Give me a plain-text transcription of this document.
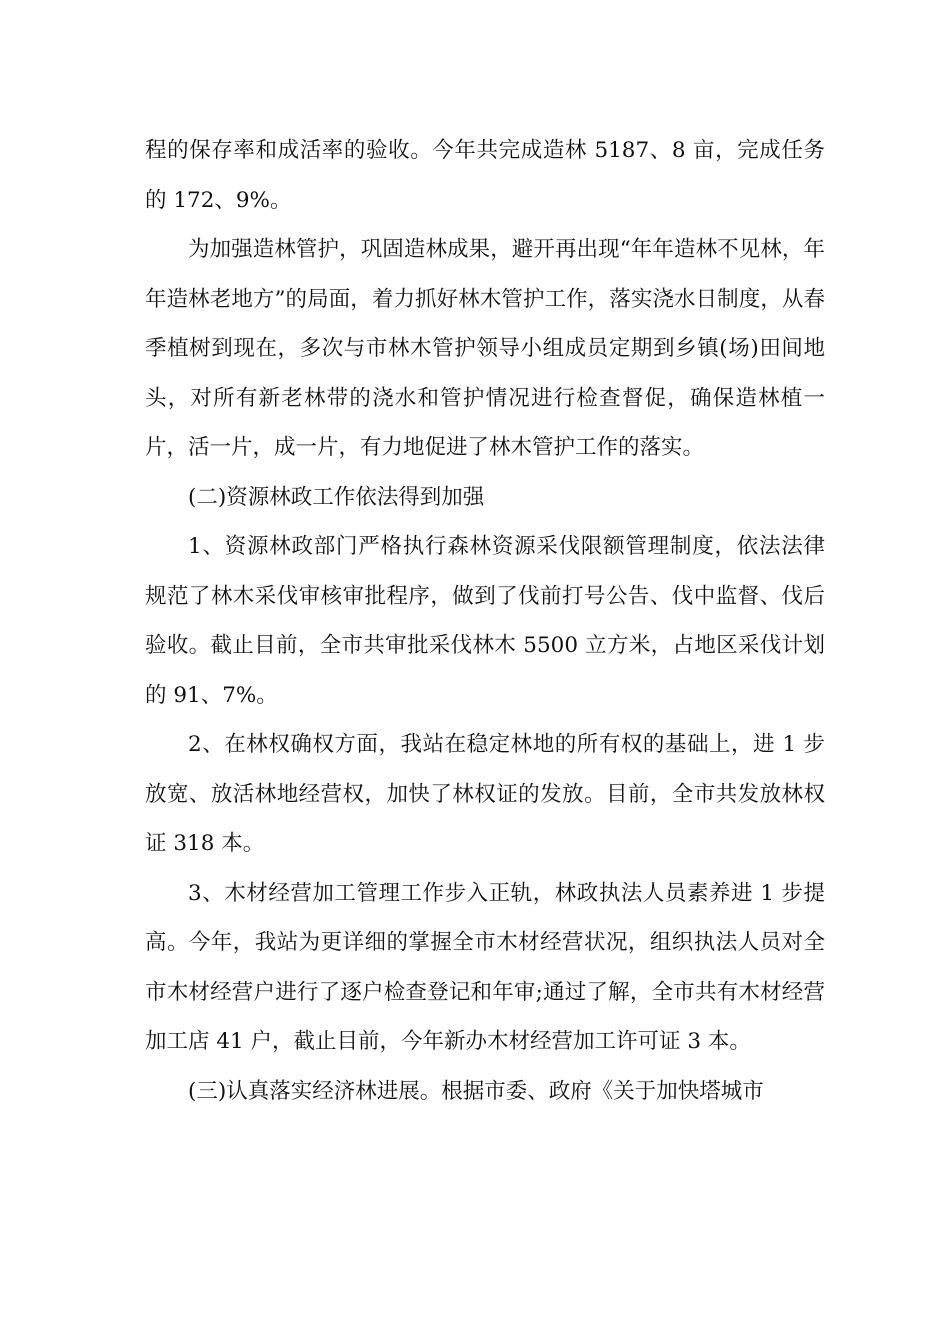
程的保存率和成活率的验收。今年共完成造林 5187、8 亩，完成任务的 172、9%。

为加强造林管护，巩固造林成果，避开再出现“年年造林不见林，年年造林老地方”的局面，着力抓好林木管护工作，落实浇水日制度，从春季植树到现在，多次与市林木管护领导小组成员定期到乡镇(场)田间地头，对所有新老林带的浇水和管护情况进行检查督促，确保造林植一片，活一片，成一片，有力地促进了林木管护工作的落实。

(二)资源林政工作依法得到加强

1、资源林政部门严格执行森林资源采伐限额管理制度，依法法律规范了林木采伐审核审批程序，做到了伐前打号公告、伐中监督、伐后验收。截止目前，全市共审批采伐林木 5500 立方米，占地区采伐计划的 91、7%。

2、在林权确权方面，我站在稳定林地的所有权的基础上，进 1 步放宽、放活林地经营权，加快了林权证的发放。目前，全市共发放林权证 318 本。

3、木材经营加工管理工作步入正轨，林政执法人员素养进 1 步提高。今年，我站为更详细的掌握全市木材经营状况，组织执法人员对全市木材经营户进行了逐户检查登记和年审;通过了解，全市共有木材经营加工店 41 户，截止目前，今年新办木材经营加工许可证 3 本。

(三)认真落实经济林进展。根据市委、政府《关于加快塔城市
